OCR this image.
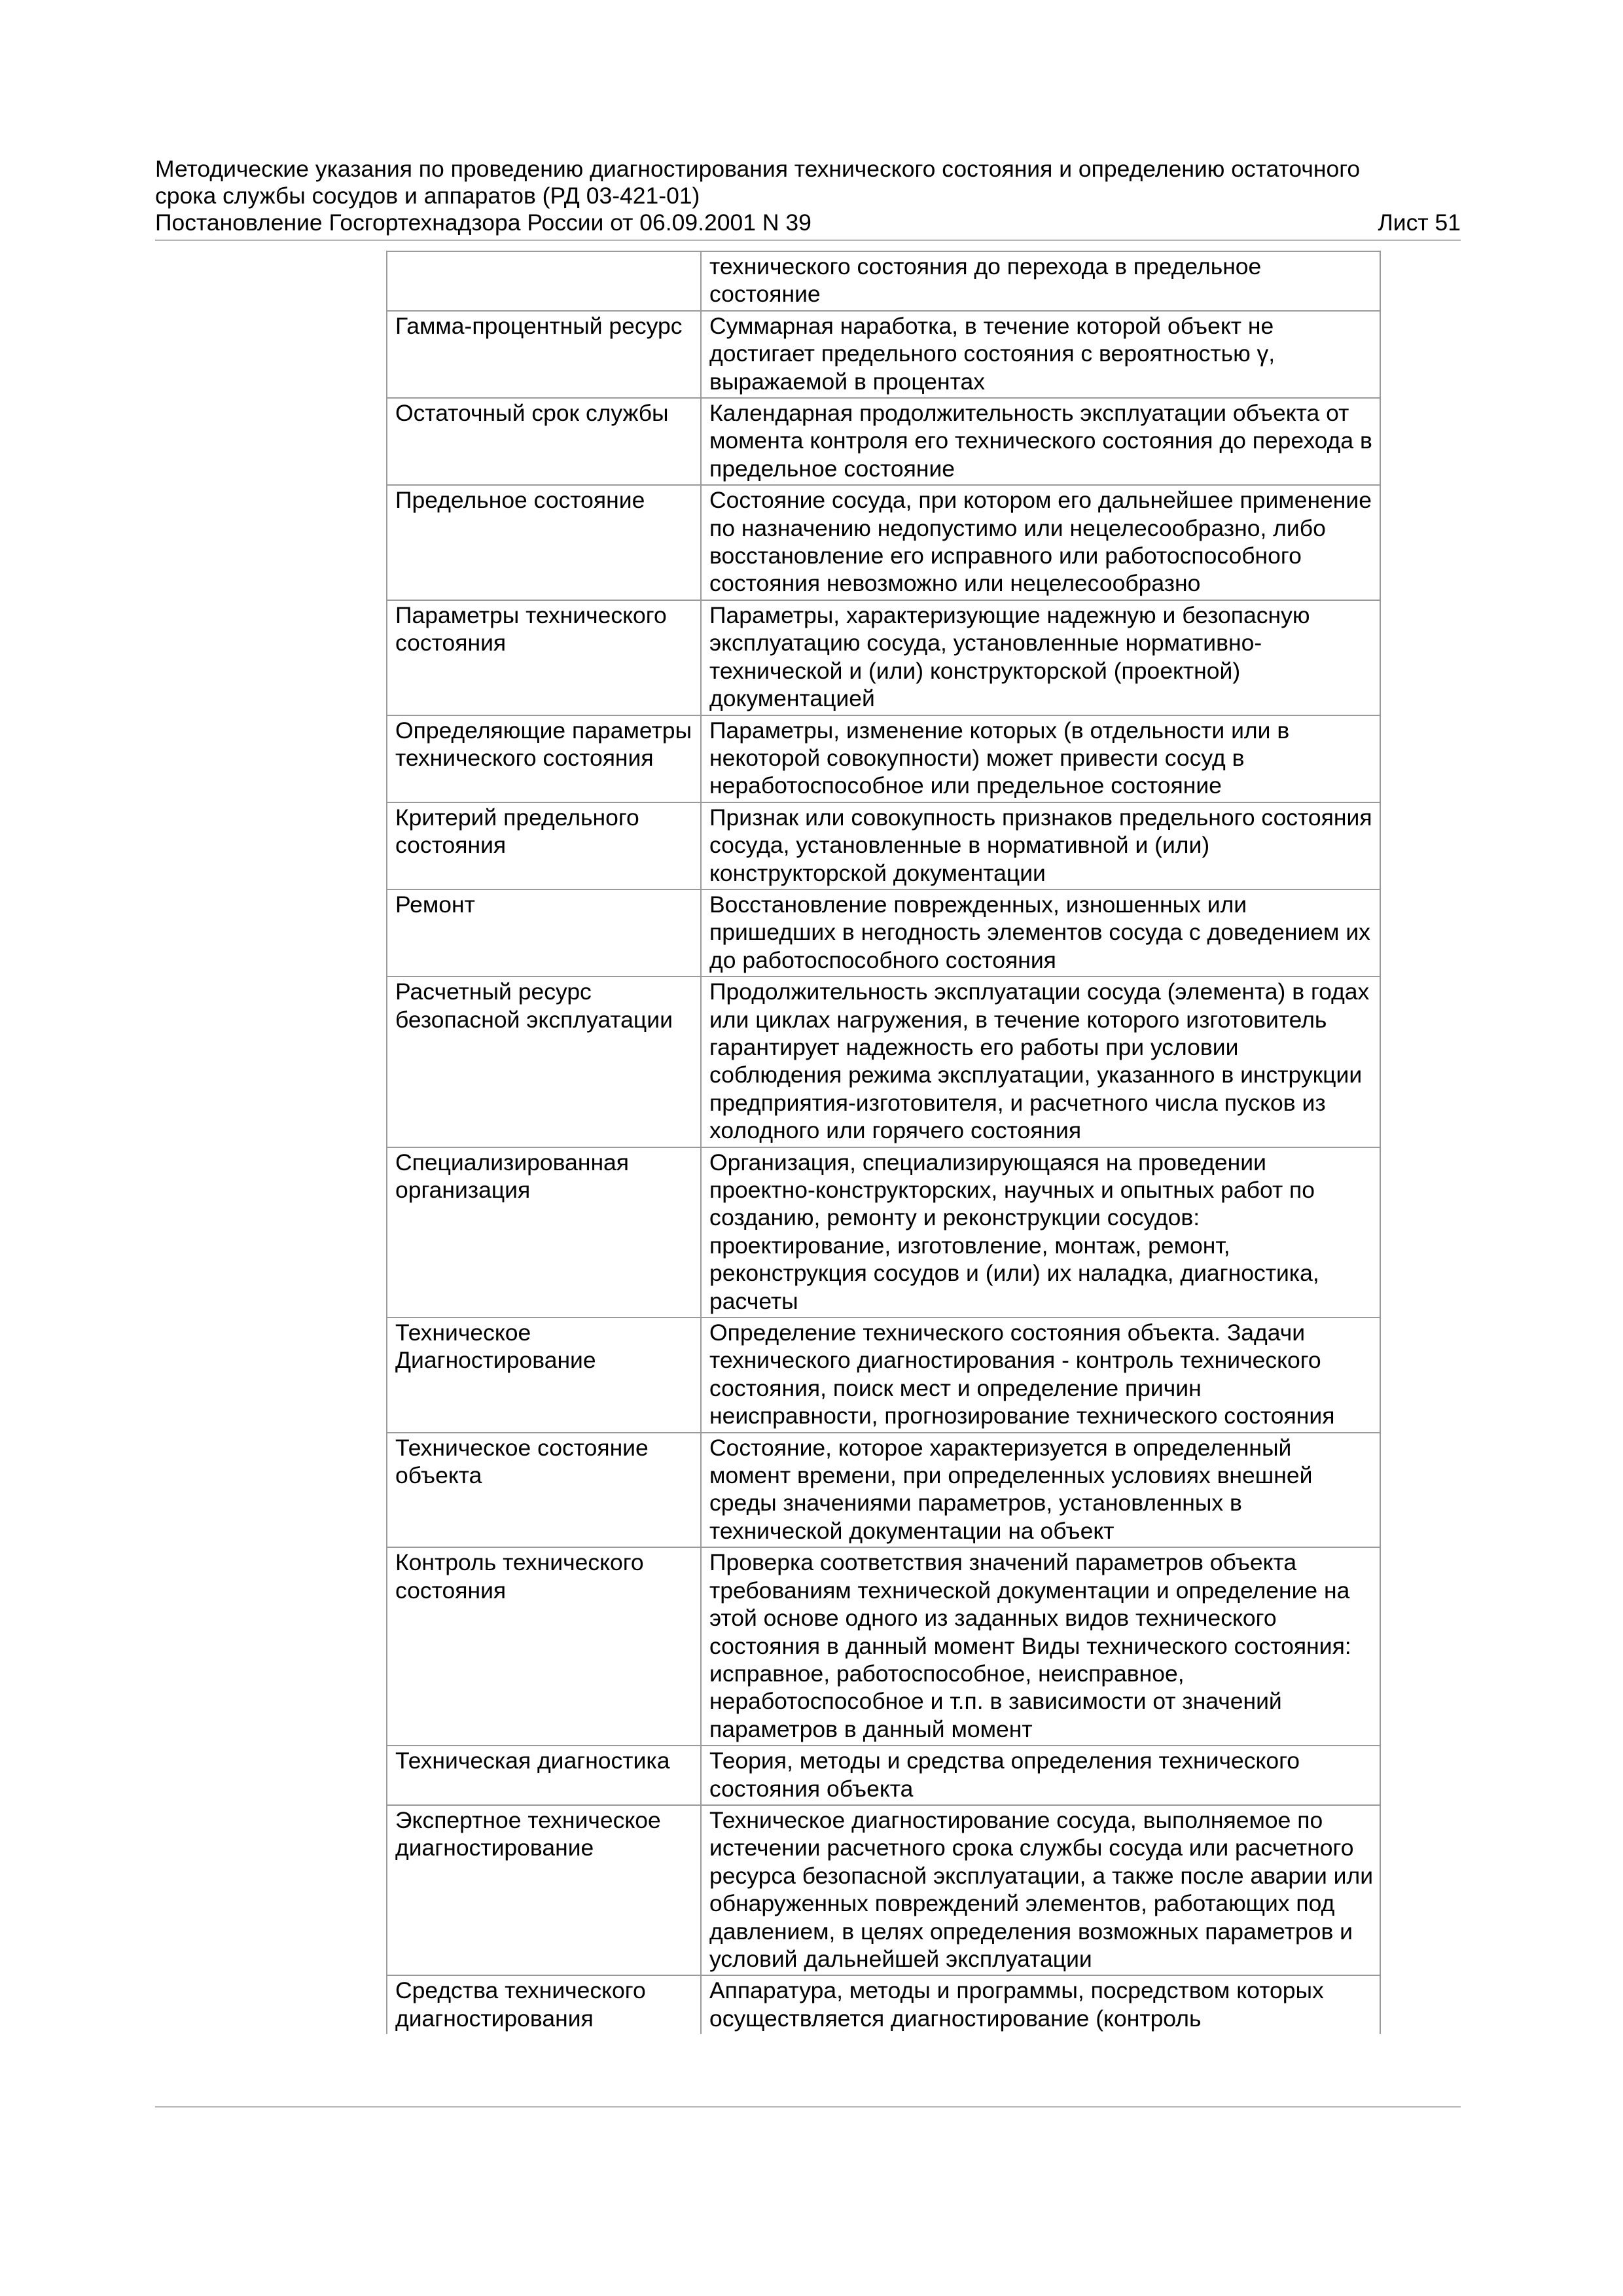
Методические указания по проведению диагностирования технического состояния и определению остаточного
срока службы сосудов и аппаратов (РД 03-421-01)
Постановление Госгортехнадзора России от 06.09.2001 N 39	Лист 51
	технического состояния до перехода в предельное состояние
Гамма-процентный ресурс	Суммарная наработка, в течение которой объект не достигает предельного состояния с вероятностью γ, выражаемой в процентах
Остаточный срок службы	Календарная продолжительность эксплуатации объекта от момента контроля его технического состояния до перехода в предельное состояние
Предельное состояние	Состояние сосуда, при котором его дальнейшее применение по назначению недопустимо или нецелесообразно, либо восстановление его исправного или работоспособного состояния невозможно или нецелесообразно
Параметры технического состояния	Параметры, характеризующие надежную и безопасную эксплуатацию сосуда, установленные нормативно-технической и (или) конструкторской (проектной) документацией
Определяющие параметры технического состояния	Параметры, изменение которых (в отдельности или в некоторой совокупности) может привести сосуд в неработоспособное или предельное состояние
Критерий предельного состояния	Признак или совокупность признаков предельного состояния сосуда, установленные в нормативной и (или) конструкторской документации
Ремонт	Восстановление поврежденных, изношенных или пришедших в негодность элементов сосуда с доведением их до работоспособного состояния
Расчетный ресурс безопасной эксплуатации	Продолжительность эксплуатации сосуда (элемента) в годах или циклах нагружения, в течение которого изготовитель гарантирует надежность его работы при условии соблюдения режима эксплуатации, указанного в инструкции предприятия-изготовителя, и расчетного числа пусков из холодного или горячего состояния
Специализированная организация	Организация, специализирующаяся на проведении проектно-конструкторских, научных и опытных работ по созданию, ремонту и реконструкции сосудов: проектирование, изготовление, монтаж, ремонт, реконструкция сосудов и (или) их наладка, диагностика, расчеты
Техническое Диагностирование	Определение технического состояния объекта. Задачи технического диагностирования - контроль технического состояния, поиск мест и определение причин неисправности, прогнозирование технического состояния
Техническое состояние объекта	Состояние, которое характеризуется в определенный момент времени, при определенных условиях внешней среды значениями параметров, установленных в технической документации на объект
Контроль технического состояния	Проверка соответствия значений параметров объекта требованиям технической документации и определение на этой основе одного из заданных видов технического состояния в данный момент Виды технического состояния: исправное, работоспособное, неисправное, неработоспособное и т.п. в зависимости от значений параметров в данный момент
Техническая диагностика	Теория, методы и средства определения технического состояния объекта
Экспертное техническое диагностирование	Техническое диагностирование сосуда, выполняемое по истечении расчетного срока службы сосуда или расчетного ресурса безопасной эксплуатации, а также после аварии или обнаруженных повреждений элементов, работающих под давлением, в целях определения возможных параметров и условий дальнейшей эксплуатации
Средства технического диагностирования	Аппаратура, методы и программы, посредством которых осуществляется диагностирование (контроль
